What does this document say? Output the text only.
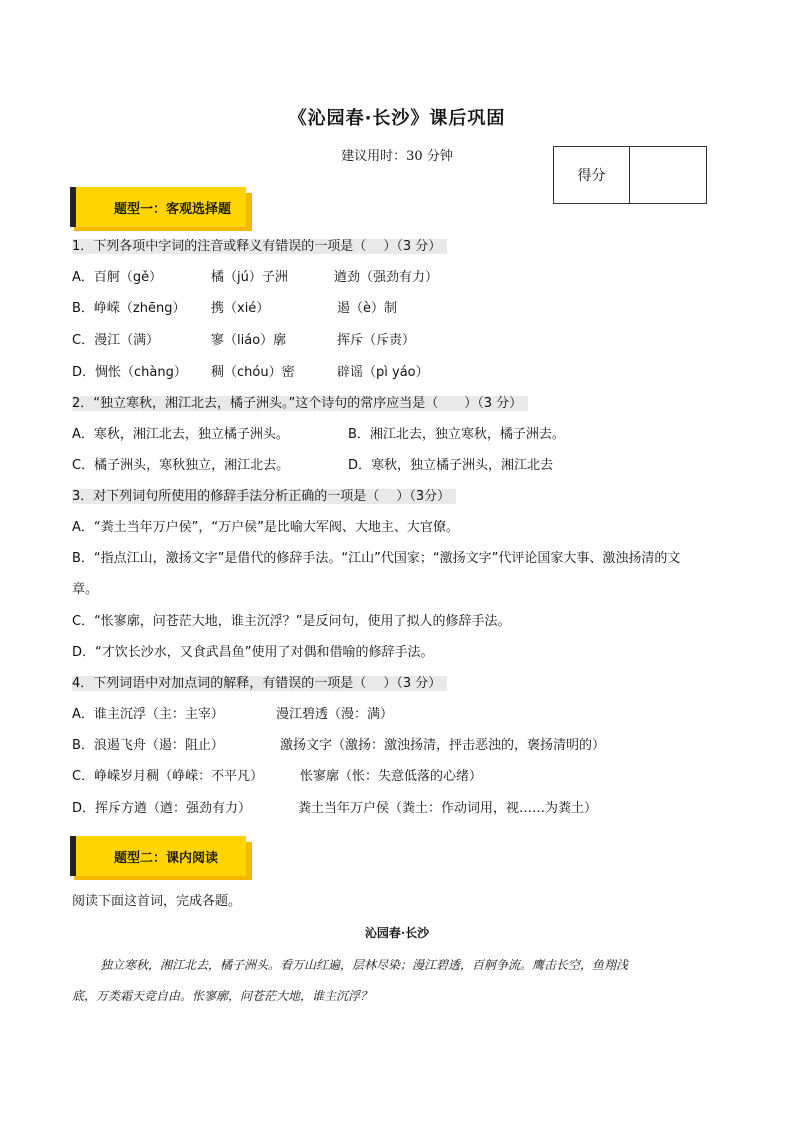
《沁园春·长沙》课后巩固
建议用时：30 分钟
得分
题型一：客观选择题
1．下列各项中字词的注音或释义有错误的一项是（　 ）（3 分）
A．百舸（gě）	橘（jú）子洲	遒劲（强劲有力）
B．峥嵘（zhēng） 携（xié）	遏（è）制
C．漫江（满）	寥（liáo）廓	挥斥（斥责）
D．惆怅（chàng） 稠（chóu）密	辟谣（pì yáo）
2．“独立寒秋，湘江北去，橘子洲头。”这个诗句的常序应当是（　　）（3 分）
A．寒秋，湘江北去，独立橘子洲头。	B．湘江北去，独立寒秋，橘子洲去。
C．橘子洲头，寒秋独立，湘江北去。	D．寒秋，独立橘子洲头，湘江北去
3．对下列词句所使用的修辞手法分析正确的一项是（　 ）（3分）
A．“粪土当年万户侯”，“万户侯”是比喻大军阀、大地主、大官僚。
B．“指点江山，激扬文字”是借代的修辞手法。“江山”代国家；“激扬文字”代评论国家大事、激浊扬清的文
章。
C．“怅寥廓，问苍茫大地，谁主沉浮？”是反问句，使用了拟人的修辞手法。
D．“才饮长沙水，又食武昌鱼”使用了对偶和借喻的修辞手法。
4．下列词语中对加点词的解释，有错误的一项是（　 ）（3 分）
A．谁主沉浮（主：主宰）	漫江碧透（漫：满）
B．浪遏飞舟（遏：阻止）	激扬文字（激扬：激浊扬清，抨击恶浊的，褒扬清明的）
C．峥嵘岁月稠（峥嵘：不平凡）	怅寥廓（怅：失意低落的心绪）
D．挥斥方遒（遒：强劲有力）	粪土当年万户侯（粪土：作动词用，视……为粪土）
题型二：课内阅读
阅读下面这首词，完成各题。
沁园春·长沙
独立寒秋，湘江北去，橘子洲头。看万山红遍，层林尽染；漫江碧透，百舸争流。鹰击长空，鱼翔浅
底，万类霜天竞自由。怅寥廓，问苍茫大地，谁主沉浮？
